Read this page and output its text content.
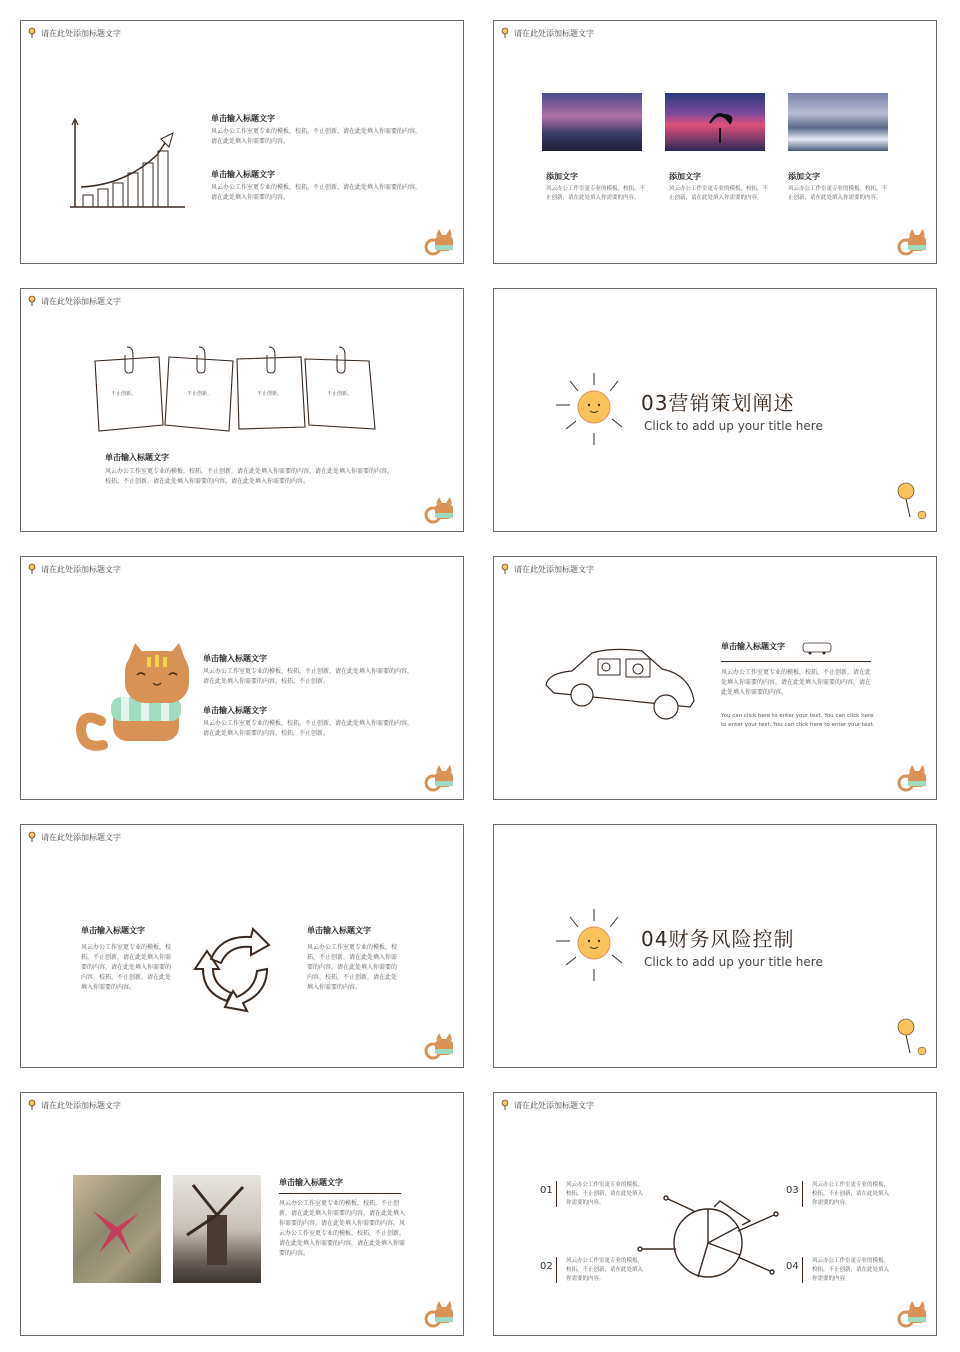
请在此处添加标题文字
单击输入标题文字
风云办公工作室更专业的模板，校拓，不止创新，请在此处填入你需要的内容，请在此处填入你需要的内容。
单击输入标题文字
风云办公工作室更专业的模板，校拓，不止创新，请在此处填入你需要的内容，请在此处填入你需要的内容。
请在此处添加标题文字
添加文字
风云办公工作室更专业的模板，校拓，不止创新，请在此处填入你需要的内容。
添加文字
风云办公工作室更专业的模板，校拓，不止创新，请在此处填入你需要的内容。
添加文字
风云办公工作室更专业的模板，校拓，不止创新，请在此处填入你需要的内容。
请在此处添加标题文字
不止创新。	不止创新。	不止创新。	不止创新。
单击输入标题文字
风云办公工作室更专业的模板，校拓，不止创新，请在此处填入你需要的内容，请在此处填入你需要的内容，校拓，不止创新，请在此处填入你需要的内容，请在此处填入你需要的内容。
03营销策划阐述
Click to add up your title here
请在此处添加标题文字
单击输入标题文字
风云办公工作室更专业的模板，校拓，不止创新，请在此处填入你需要的内容，请在此处填入你需要的内容，校拓，不止创新。
单击输入标题文字
风云办公工作室更专业的模板，校拓，不止创新，请在此处填入你需要的内容，请在此处填入你需要的内容，校拓，不止创新。
请在此处添加标题文字
单击输入标题文字
风云办公工作室更专业的模板，校拓，不止创新，请在此处填入你需要的内容，请在此处填入你需要的内容，请在此处填入你需要的内容。
You can click here to enter your text. You can click here to enter your text. You can click here to enter your text.
请在此处添加标题文字
单击输入标题文字
风云办公工作室更专业的模板，校拓，不止创新，请在此处填入你需要的内容，请在此处填入你需要的内容，校拓，不止创新，请在此处填入你需要的内容。
单击输入标题文字
风云办公工作室更专业的模板，校拓，不止创新，请在此处填入你需要的内容，请在此处填入你需要的内容，校拓，不止创新，请在此处填入你需要的内容。
04财务风险控制
Click to add up your title here
请在此处添加标题文字
单击输入标题文字
风云办公工作室更专业的模板，校拓，不止创新，请在此处填入你需要的内容，请在此处填入你需要的内容，请在此处填入你需要的内容。风云办公工作室更专业的模板，校拓，不止创新，请在此处填入你需要的内容，请在此处填入你需要的内容。
请在此处添加标题文字
01 风云办公工作室更专业的模板，校拓，不止创新，请在此处填入你需要的内容。
02 风云办公工作室更专业的模板，校拓，不止创新，请在此处填入你需要的内容。
03 风云办公工作室更专业的模板，校拓，不止创新，请在此处填入你需要的内容。
04 风云办公工作室更专业的模板，校拓，不止创新，请在此处填入你需要的内容。
